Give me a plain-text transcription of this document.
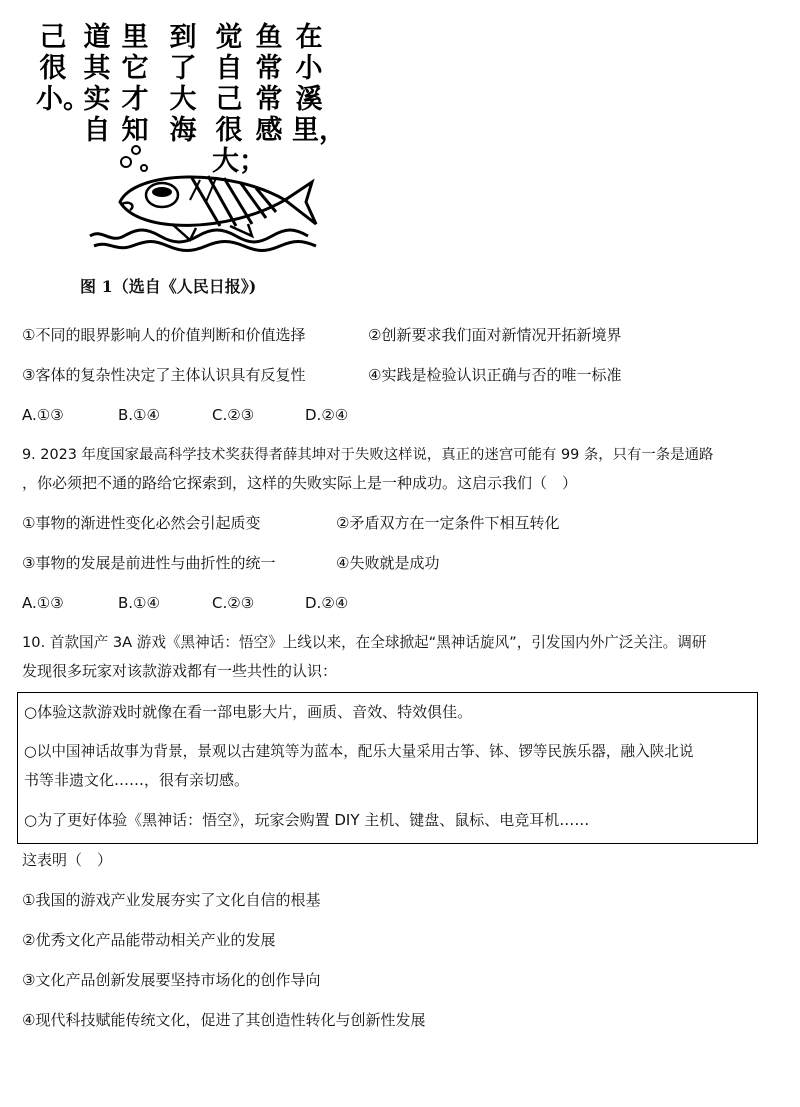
在小溪里，
鱼常常感
觉自己很大；
到了大海
里它才知
道其实自
己很小。
图 1（选自《人民日报》)
①不同的眼界影响人的价值判断和价值选择	②创新要求我们面对新情况开拓新境界
③客体的复杂性决定了主体认识具有反复性	④实践是检验认识正确与否的唯一标准
A.①③	B.①④	C.②③	D.②④
9. 2023 年度国家最高科学技术奖获得者薛其坤对于失败这样说，真正的迷宫可能有 99 条，只有一条是通路
，你必须把不通的路给它探索到，这样的失败实际上是一种成功。这启示我们（　）
①事物的渐进性变化必然会引起质变	②矛盾双方在一定条件下相互转化
③事物的发展是前进性与曲折性的统一	④失败就是成功
A.①③	B.①④	C.②③	D.②④
10. 首款国产 3A 游戏《黑神话：悟空》上线以来，在全球掀起“黑神话旋风”，引发国内外广泛关注。调研
发现很多玩家对该款游戏都有一些共性的认识：
○体验这款游戏时就像在看一部电影大片，画质、音效、特效俱佳。
○以中国神话故事为背景，景观以古建筑等为蓝本，配乐大量采用古筝、钵、锣等民族乐器，融入陕北说
书等非遗文化……，很有亲切感。
○为了更好体验《黑神话：悟空》，玩家会购置 DIY 主机、键盘、鼠标、电竞耳机……
这表明（　）
①我国的游戏产业发展夯实了文化自信的根基
②优秀文化产品能带动相关产业的发展
③文化产品创新发展要坚持市场化的创作导向
④现代科技赋能传统文化，促进了其创造性转化与创新性发展
